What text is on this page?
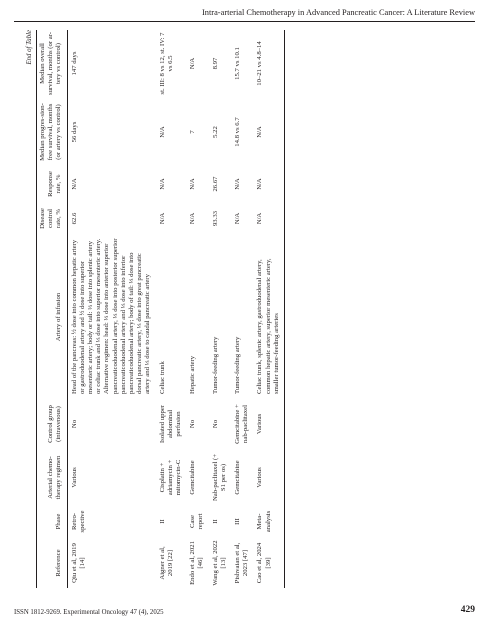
Intra-arterial Chemotherapy in Advanced Pancreatic Cancer: A Literature Review
End of Table
Reference	Phase	Arterial chemo-therapy regimen	Control group (intravenous)	Artery of infusion	Disease control rate, %	Response rate, %	Median progres-sion-free survival, months (or artery vs control)	Median overall survival, months (or ar-tery vs control)
Qiu et al, 2019 [14]	Retro-spective	Various	No	Head of the pancreas: ½ dose into common hepatic artery or gastroduodenal artery and ½ dose into superior mesenteric artery; body or tail: ⅓ dose into splenic artery or celiac trunk and ⅓ dose into superior mesenteric artery. Alternative regimen: head: ⅓ dose into anterior superior pancreaticoduodenal artery, ⅓ dose into posterior superior pancreaticoduodenal artery and ⅓ dose into inferior pancreaticoduodenal artery; body of tail: ⅓ dose into dorsal pancreatic artery, ⅓ dose into great pancreatic artery and ⅓ dose to caudal pancreatic artery	62.6	N/A	56 days	147 days
Aigner et al, 2019 [22]	II	Cisplatin + adriamycin + mitomycin-C	Isolated upper abdominal perfusion	Celiac trunk	N/A	N/A	N/A	st. III: 8 vs 12, st. IV: 7 vs 6.5
Endo et al, 2021 [46]	Case report	Gemcitabine	No	Hepatic artery	N/A	N/A	7	N/A
Wang et al, 2022 [13]	II	Nab-paclitaxel (+ S1 per os)	No	Tumor-feeding artery	93.33	26.67	5.22	8.97
Pishvaian et al, 2023 [47]	III	Gemcitabine	Gemcitabine + nab-paclitaxel	Tumor-feeding artery	N/A	N/A	14.8 vs 6.7	15.7 vs 10.1
Cao et al, 2024 [39]	Meta-analysis	Various	Various	Celiac trunk, splenic artery, gastroduodenal artery, common hepatic artery, superior mesenteric artery, smaller tumor-feeding arteries	N/A	N/A	N/A	10–21 vs 4.8–14
ISSN 1812-9269. Experimental Oncology 47 (4), 2025	429
